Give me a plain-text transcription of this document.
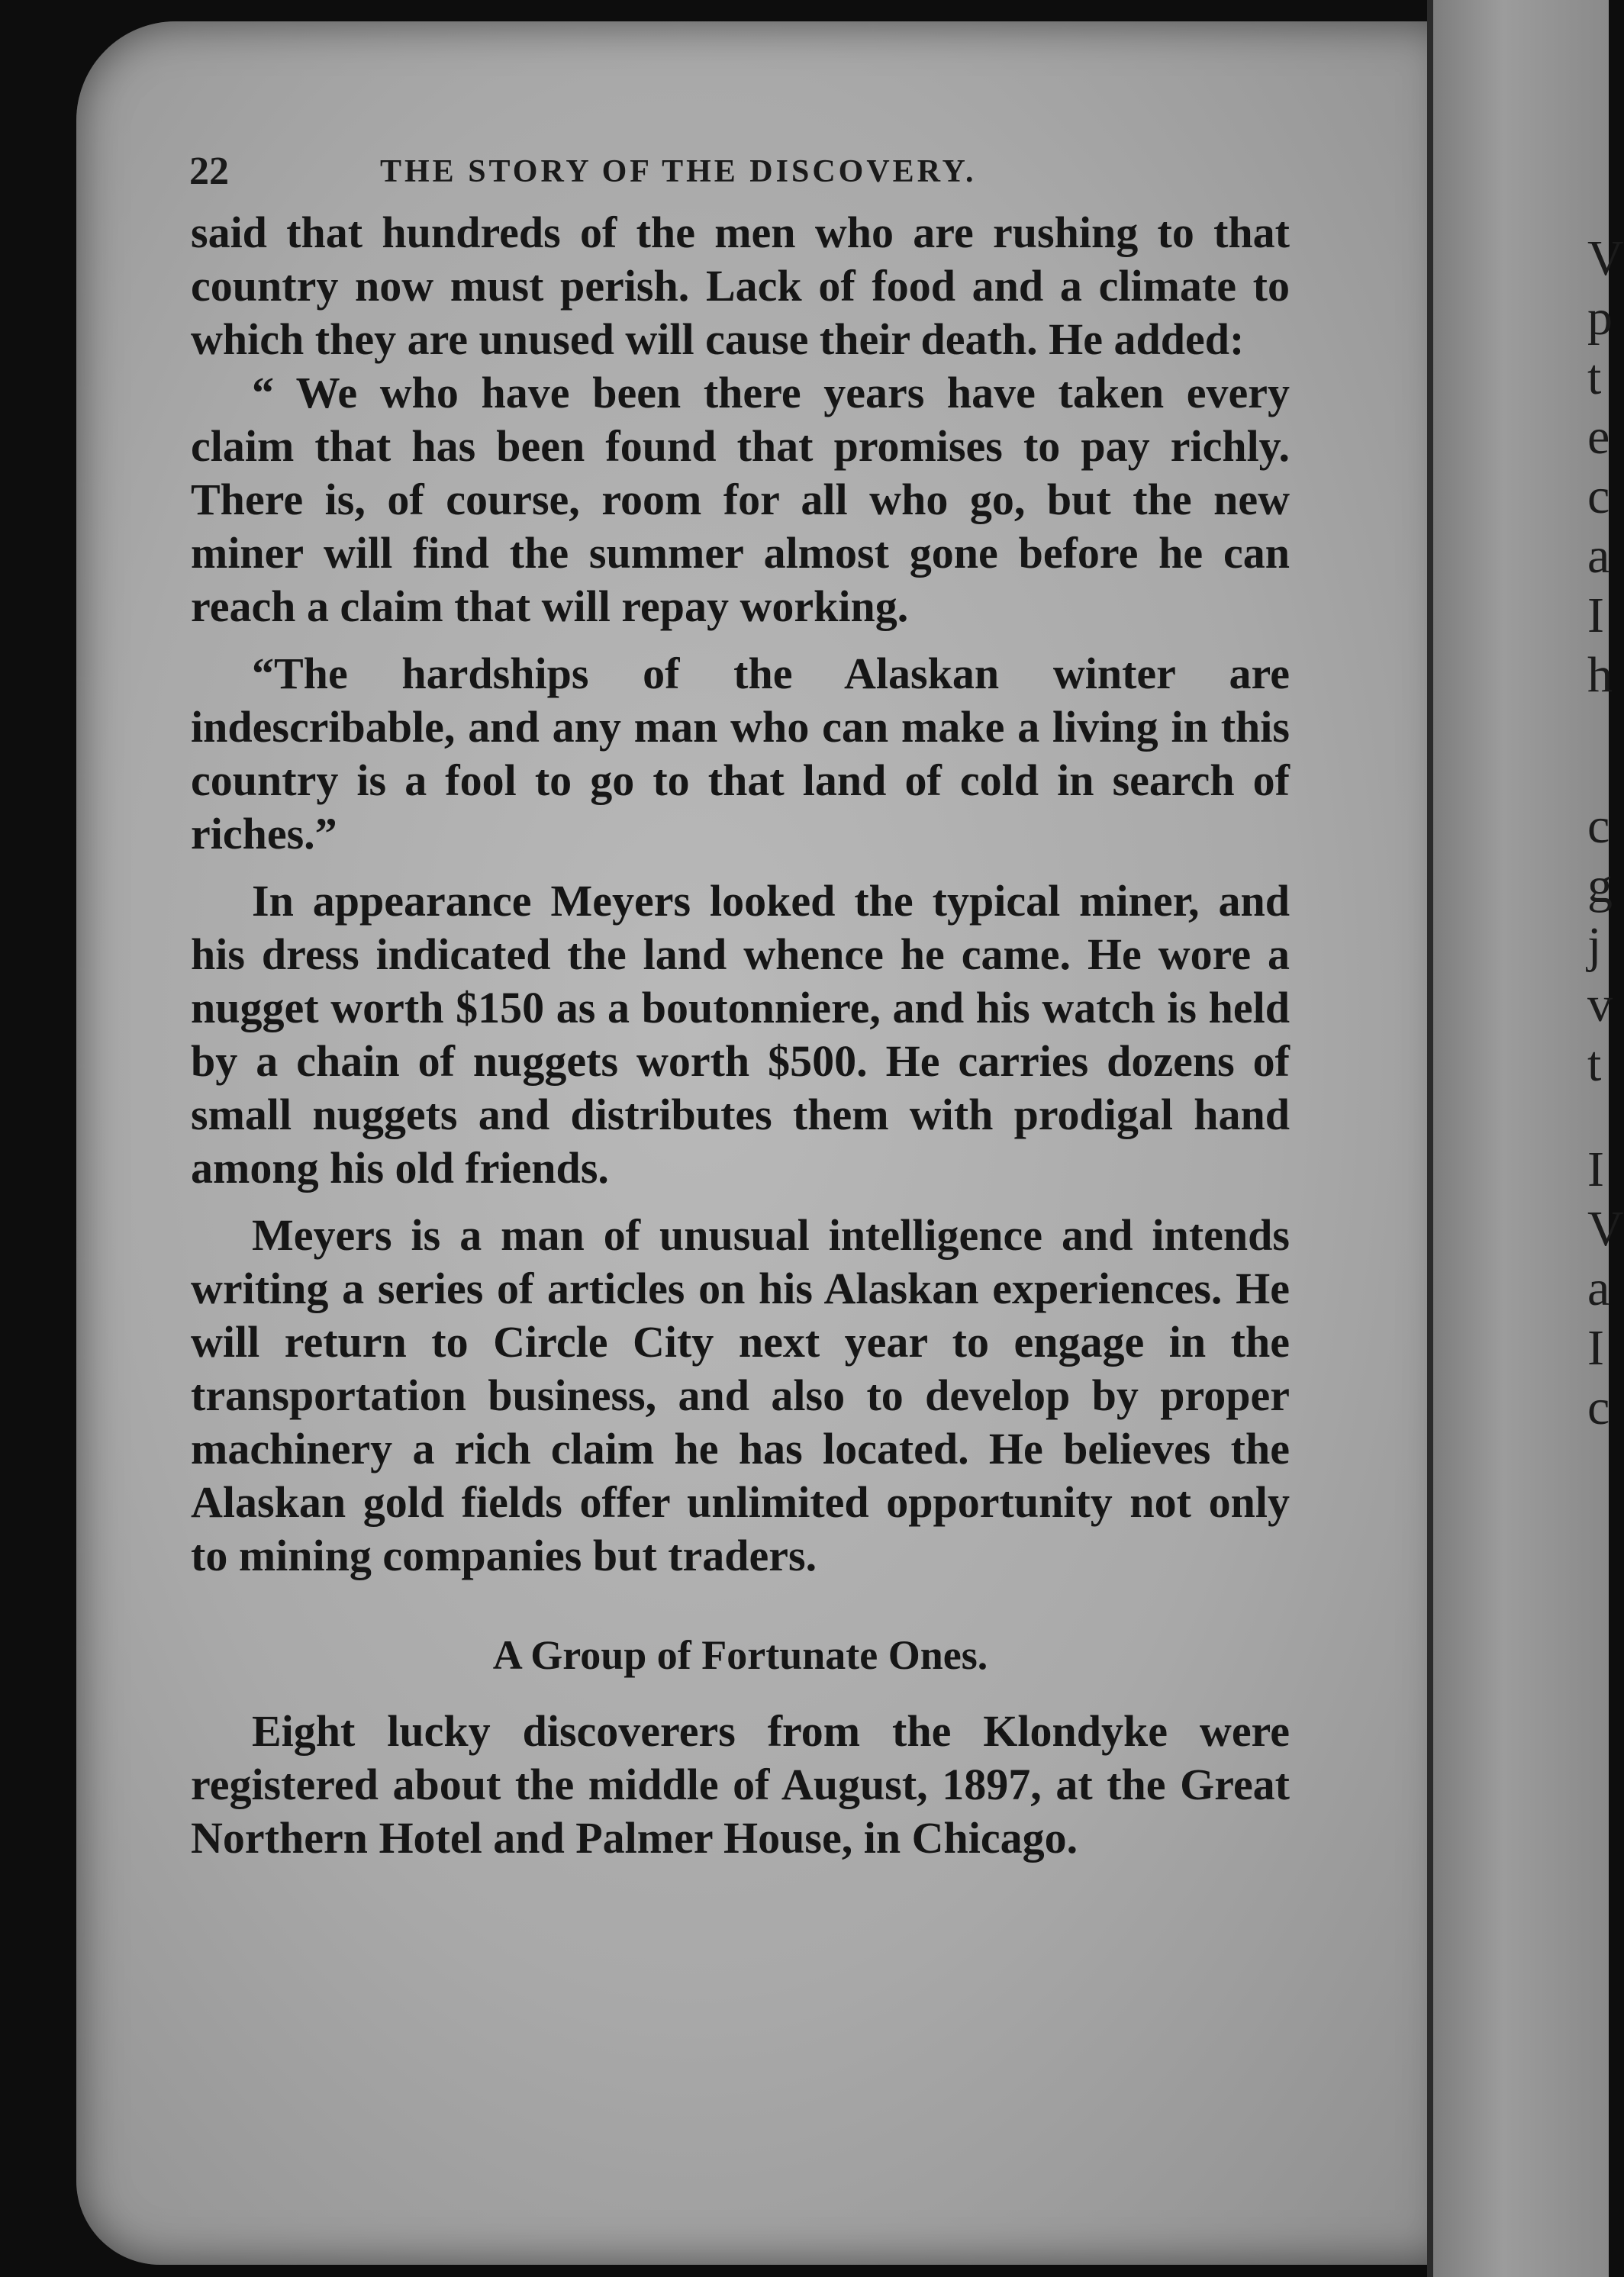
V
p
t
e
c
a
I
h
c
g
j
v
t
I
V
a
I
c
22	THE STORY OF THE DISCOVERY.

said that hundreds of the men who are rushing to that country now must perish. Lack of food and a climate to which they are unused will cause their death. He added:

“ We who have been there years have taken every claim that has been found that promises to pay richly. There is, of course, room for all who go, but the new miner will find the summer almost gone before he can reach a claim that will repay working.

“The hardships of the Alaskan winter are indescribable, and any man who can make a living in this country is a fool to go to that land of cold in search of riches.”

In appearance Meyers looked the typical miner, and his dress indicated the land whence he came. He wore a nugget worth $150 as a boutonniere, and his watch is held by a chain of nuggets worth $500. He carries dozens of small nuggets and distributes them with prodigal hand among his old friends.

Meyers is a man of unusual intelligence and intends writing a series of articles on his Alaskan experiences. He will return to Circle City next year to engage in the transportation business, and also to develop by proper machinery a rich claim he has located. He believes the Alaskan gold fields offer unlimited opportunity not only to mining companies but traders.

A Group of Fortunate Ones.

Eight lucky discoverers from the Klondyke were registered about the middle of August, 1897, at the Great Northern Hotel and Palmer House, in Chicago.
